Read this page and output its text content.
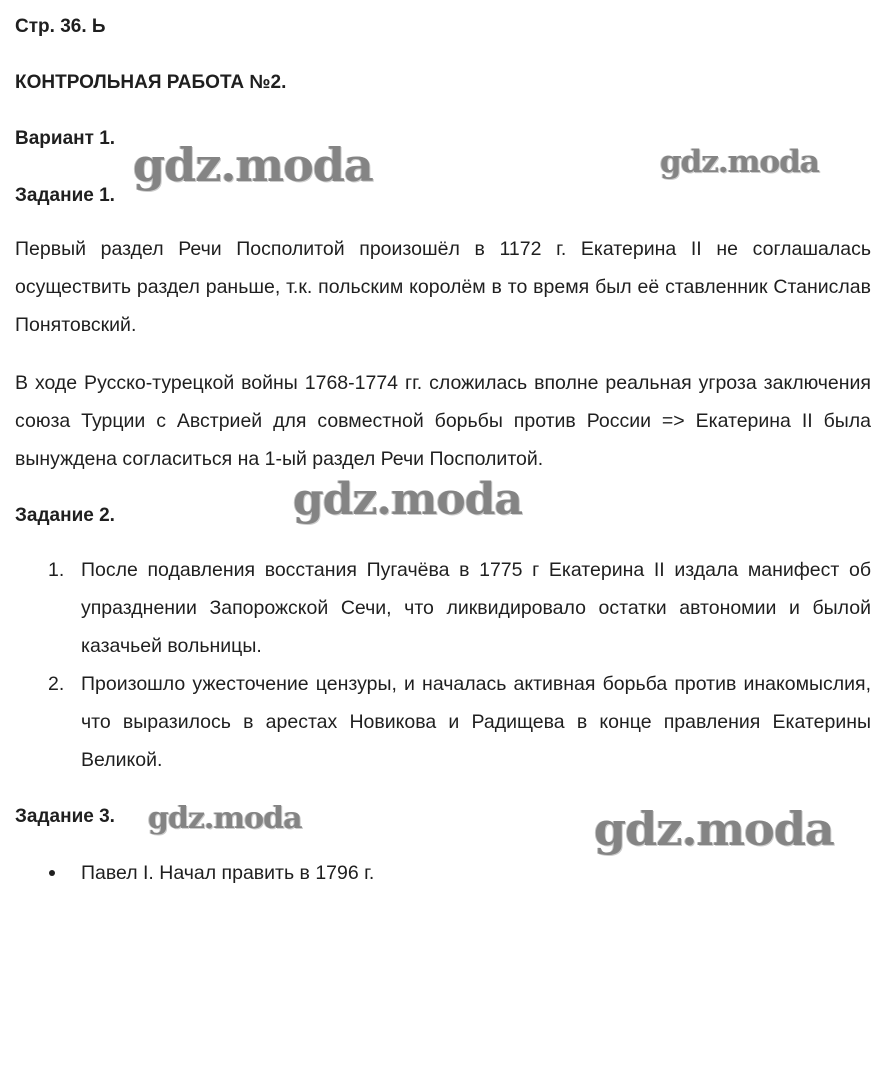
Стр. 36. Ь
КОНТРОЛЬНАЯ РАБОТА №2.
Вариант 1.
Задание 1.

Первый раздел Речи Посполитой произошёл в 1172 г. Екатерина II не соглашалась осуществить раздел раньше, т.к. польским королём в то время был её ставленник Станислав Понятовский.

В ходе Русско-турецкой войны 1768-1774 гг. сложилась вполне реальная угроза заключения союза Турции с Австрией для совместной борьбы против России => Екатерина II была вынуждена согласиться на 1-ый раздел Речи Посполитой.

Задание 2.
1. После подавления восстания Пугачёва в 1775 г Екатерина II издала манифест об упразднении Запорожской Сечи, что ликвидировало остатки автономии и былой казачьей вольницы.
2. Произошло ужесточение цензуры, и началась активная борьба против инакомыслия, что выразилось в арестах Новикова и Радищева в конце правления Екатерины Великой.
Задание 3.
Павел I. Начал править в 1796 г.
gdz.moda	gdz.moda
gdz.moda
gdz.moda	gdz.moda
